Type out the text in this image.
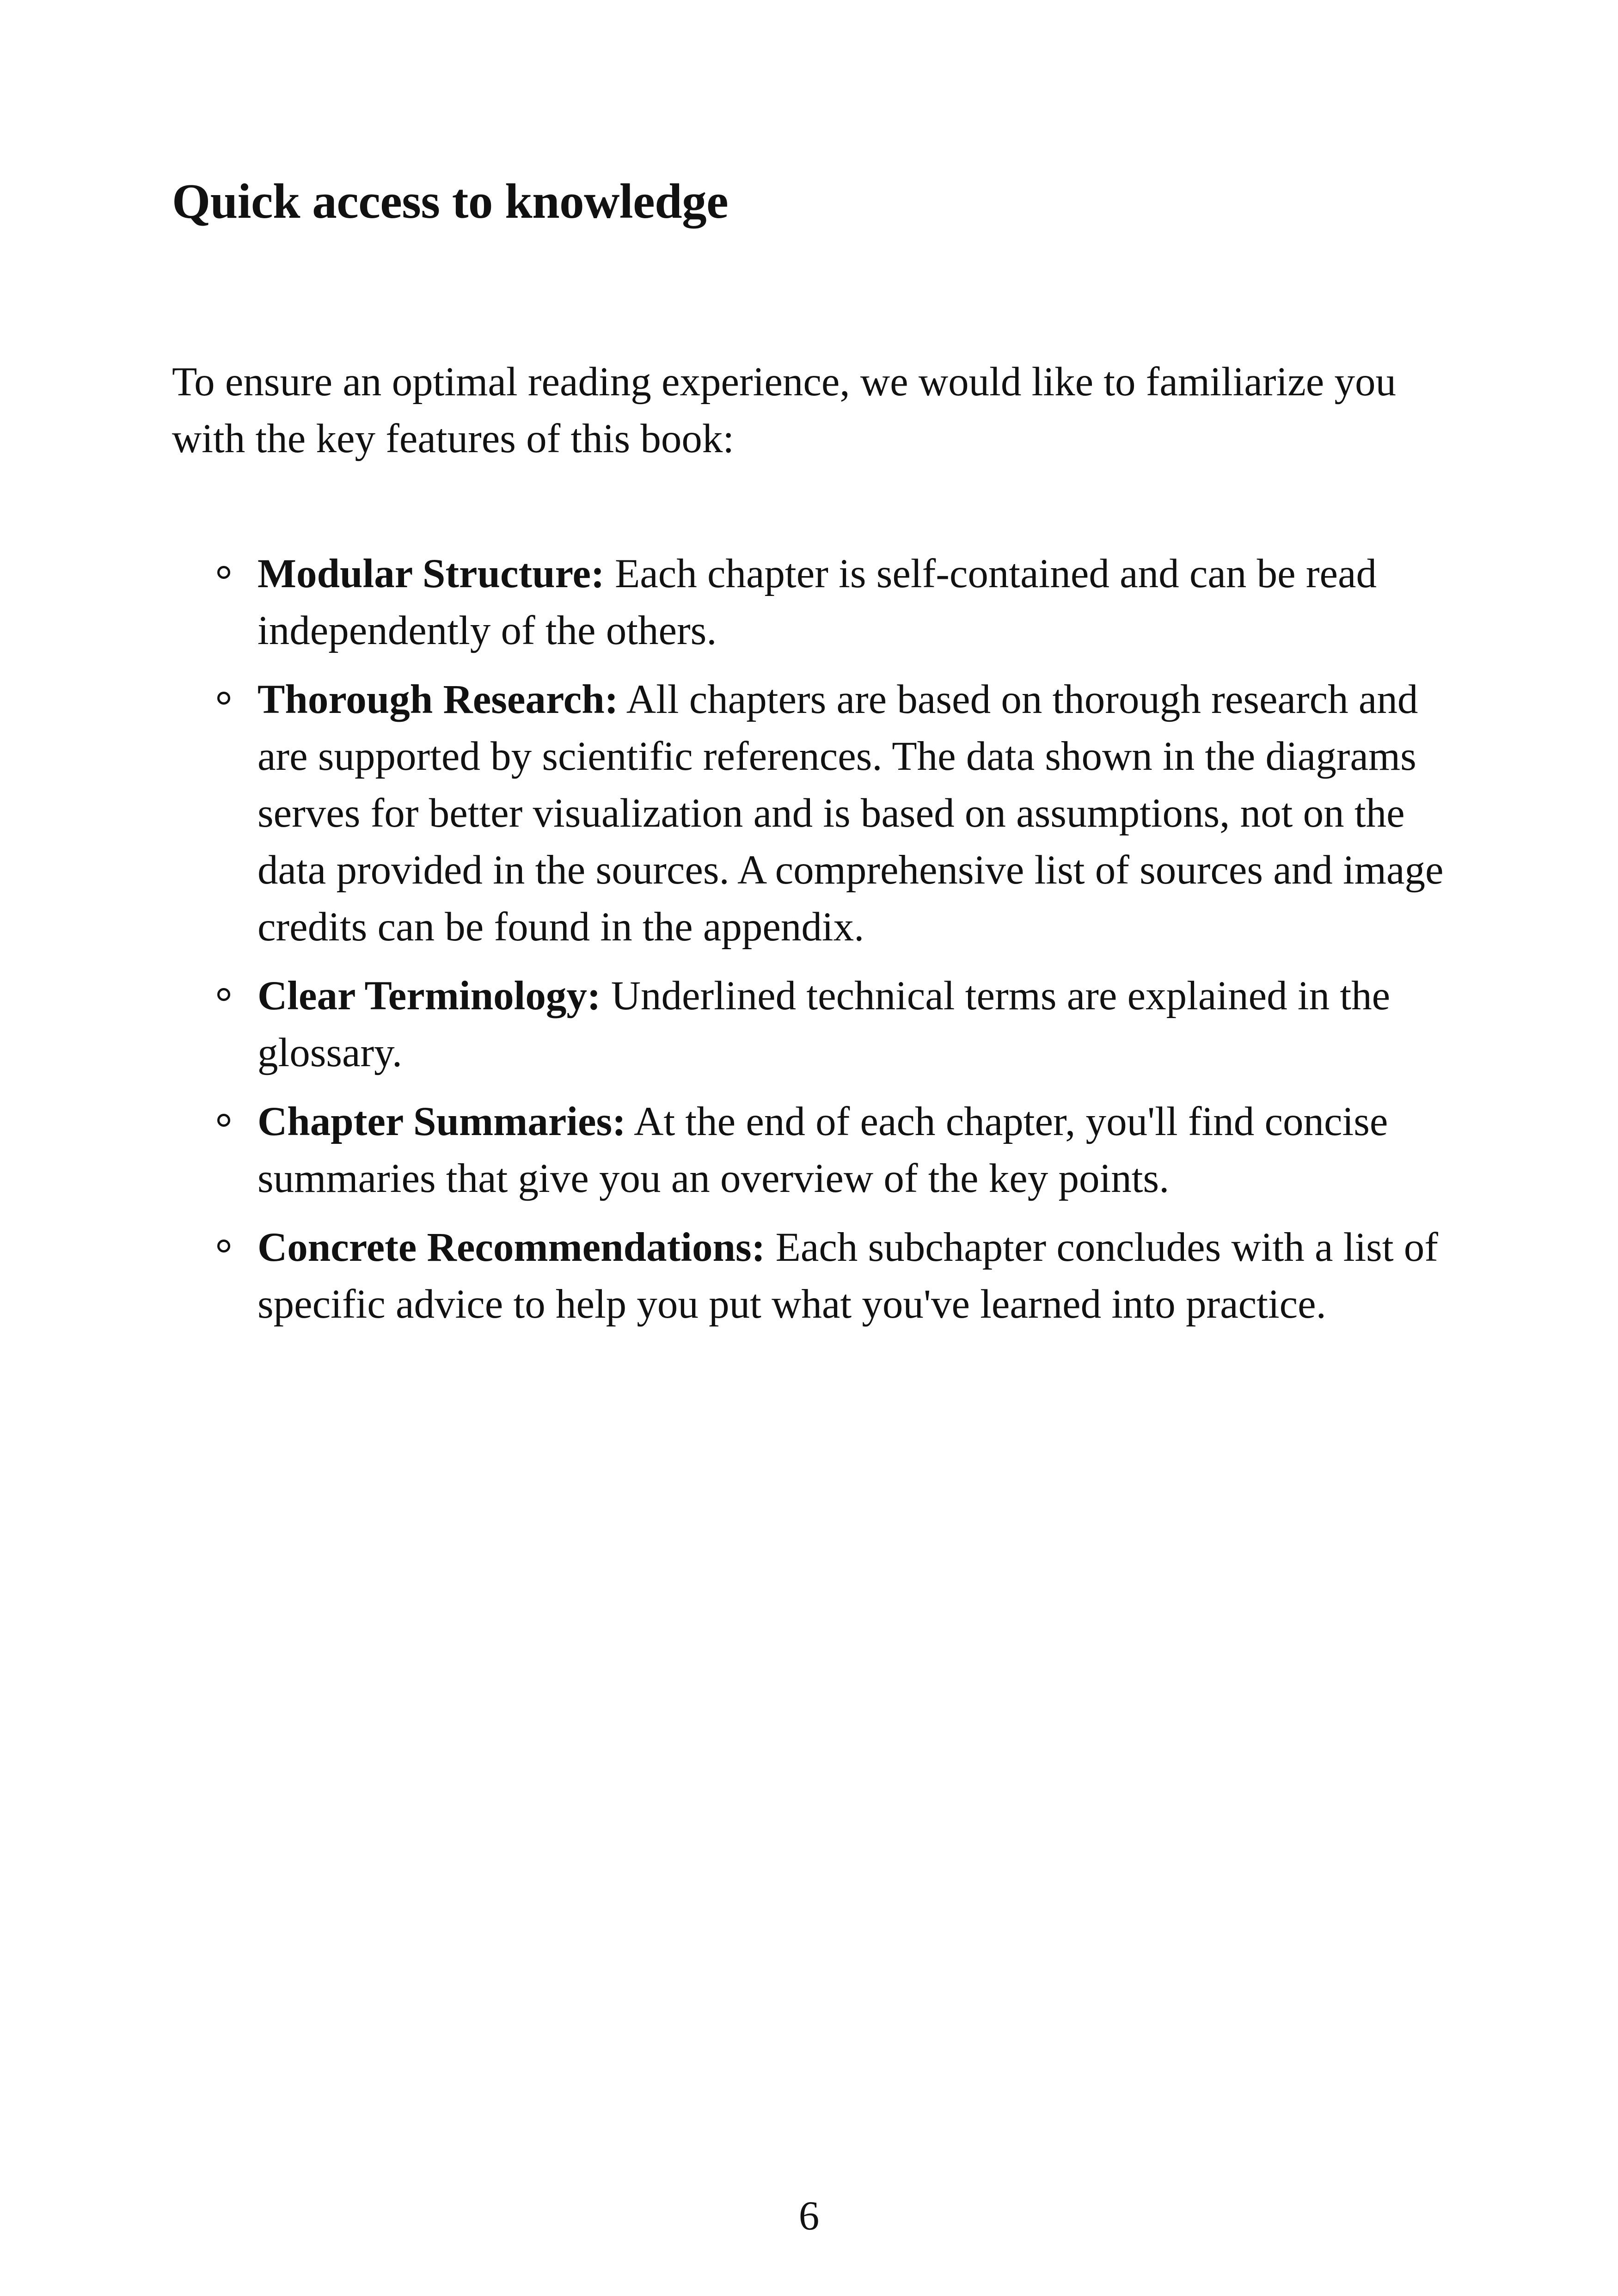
Quick access to knowledge

To ensure an optimal reading experience, we would like to familiarize you with the key features of this book:

Modular Structure: Each chapter is self-contained and can be read independently of the others.
Thorough Research: All chapters are based on thorough research and are supported by scientific references. The data shown in the diagrams serves for better visualization and is based on assumptions, not on the data provided in the sources. A comprehensive list of sources and image credits can be found in the appendix.
Clear Terminology: Underlined technical terms are explained in the glossary.
Chapter Summaries: At the end of each chapter, you'll find concise summaries that give you an overview of the key points.
Concrete Recommendations: Each subchapter concludes with a list of specific advice to help you put what you've learned into practice.
6
